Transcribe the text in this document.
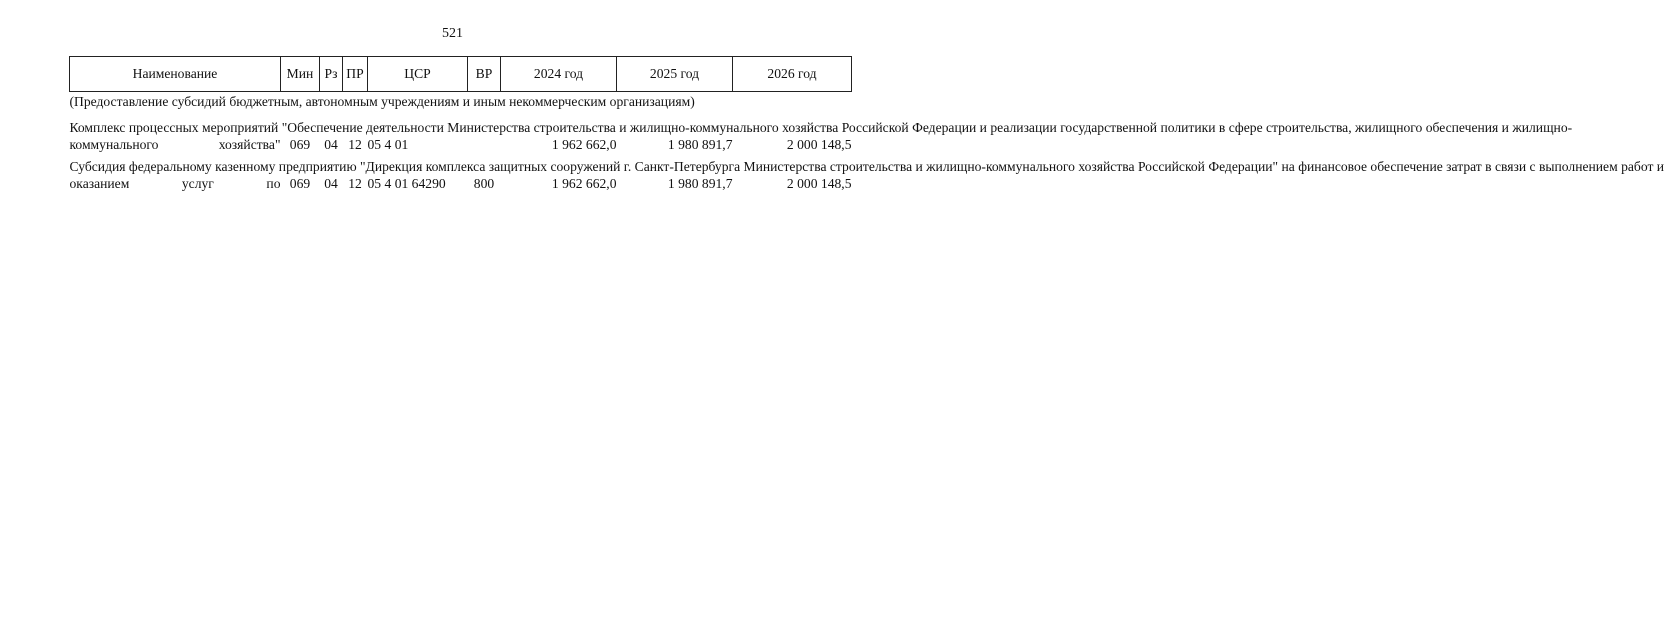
521
Наименование	Мин	Рз	ПР	ЦСР	ВР	2024 год	2025 год	2026 год
(Предоставление субсидий бюджетным, автономным учреждениям и иным некоммерческим организациям)								
Комплекс процессных мероприятий "Обеспечение деятельности Министерства строительства и жилищно-коммунального хозяйства Российской Федерации и реализации государственной политики в сфере строительства, жилищного обеспечения и жилищно-
коммунального хозяйства"	069	04	12	05 4 01		1 962 662,0	1 980 891,7	2 000 148,5
Субсидия федеральному казенному предприятию "Дирекция комплекса защитных сооружений г. Санкт-Петербурга Министерства строительства и жилищно-коммунального хозяйства Российской Федерации" на финансовое обеспечение затрат в связи с выполнением работ и
оказанием услуг по	069	04	12	05 4 01 64290	800	1 962 662,0	1 980 891,7	2 000 148,5
